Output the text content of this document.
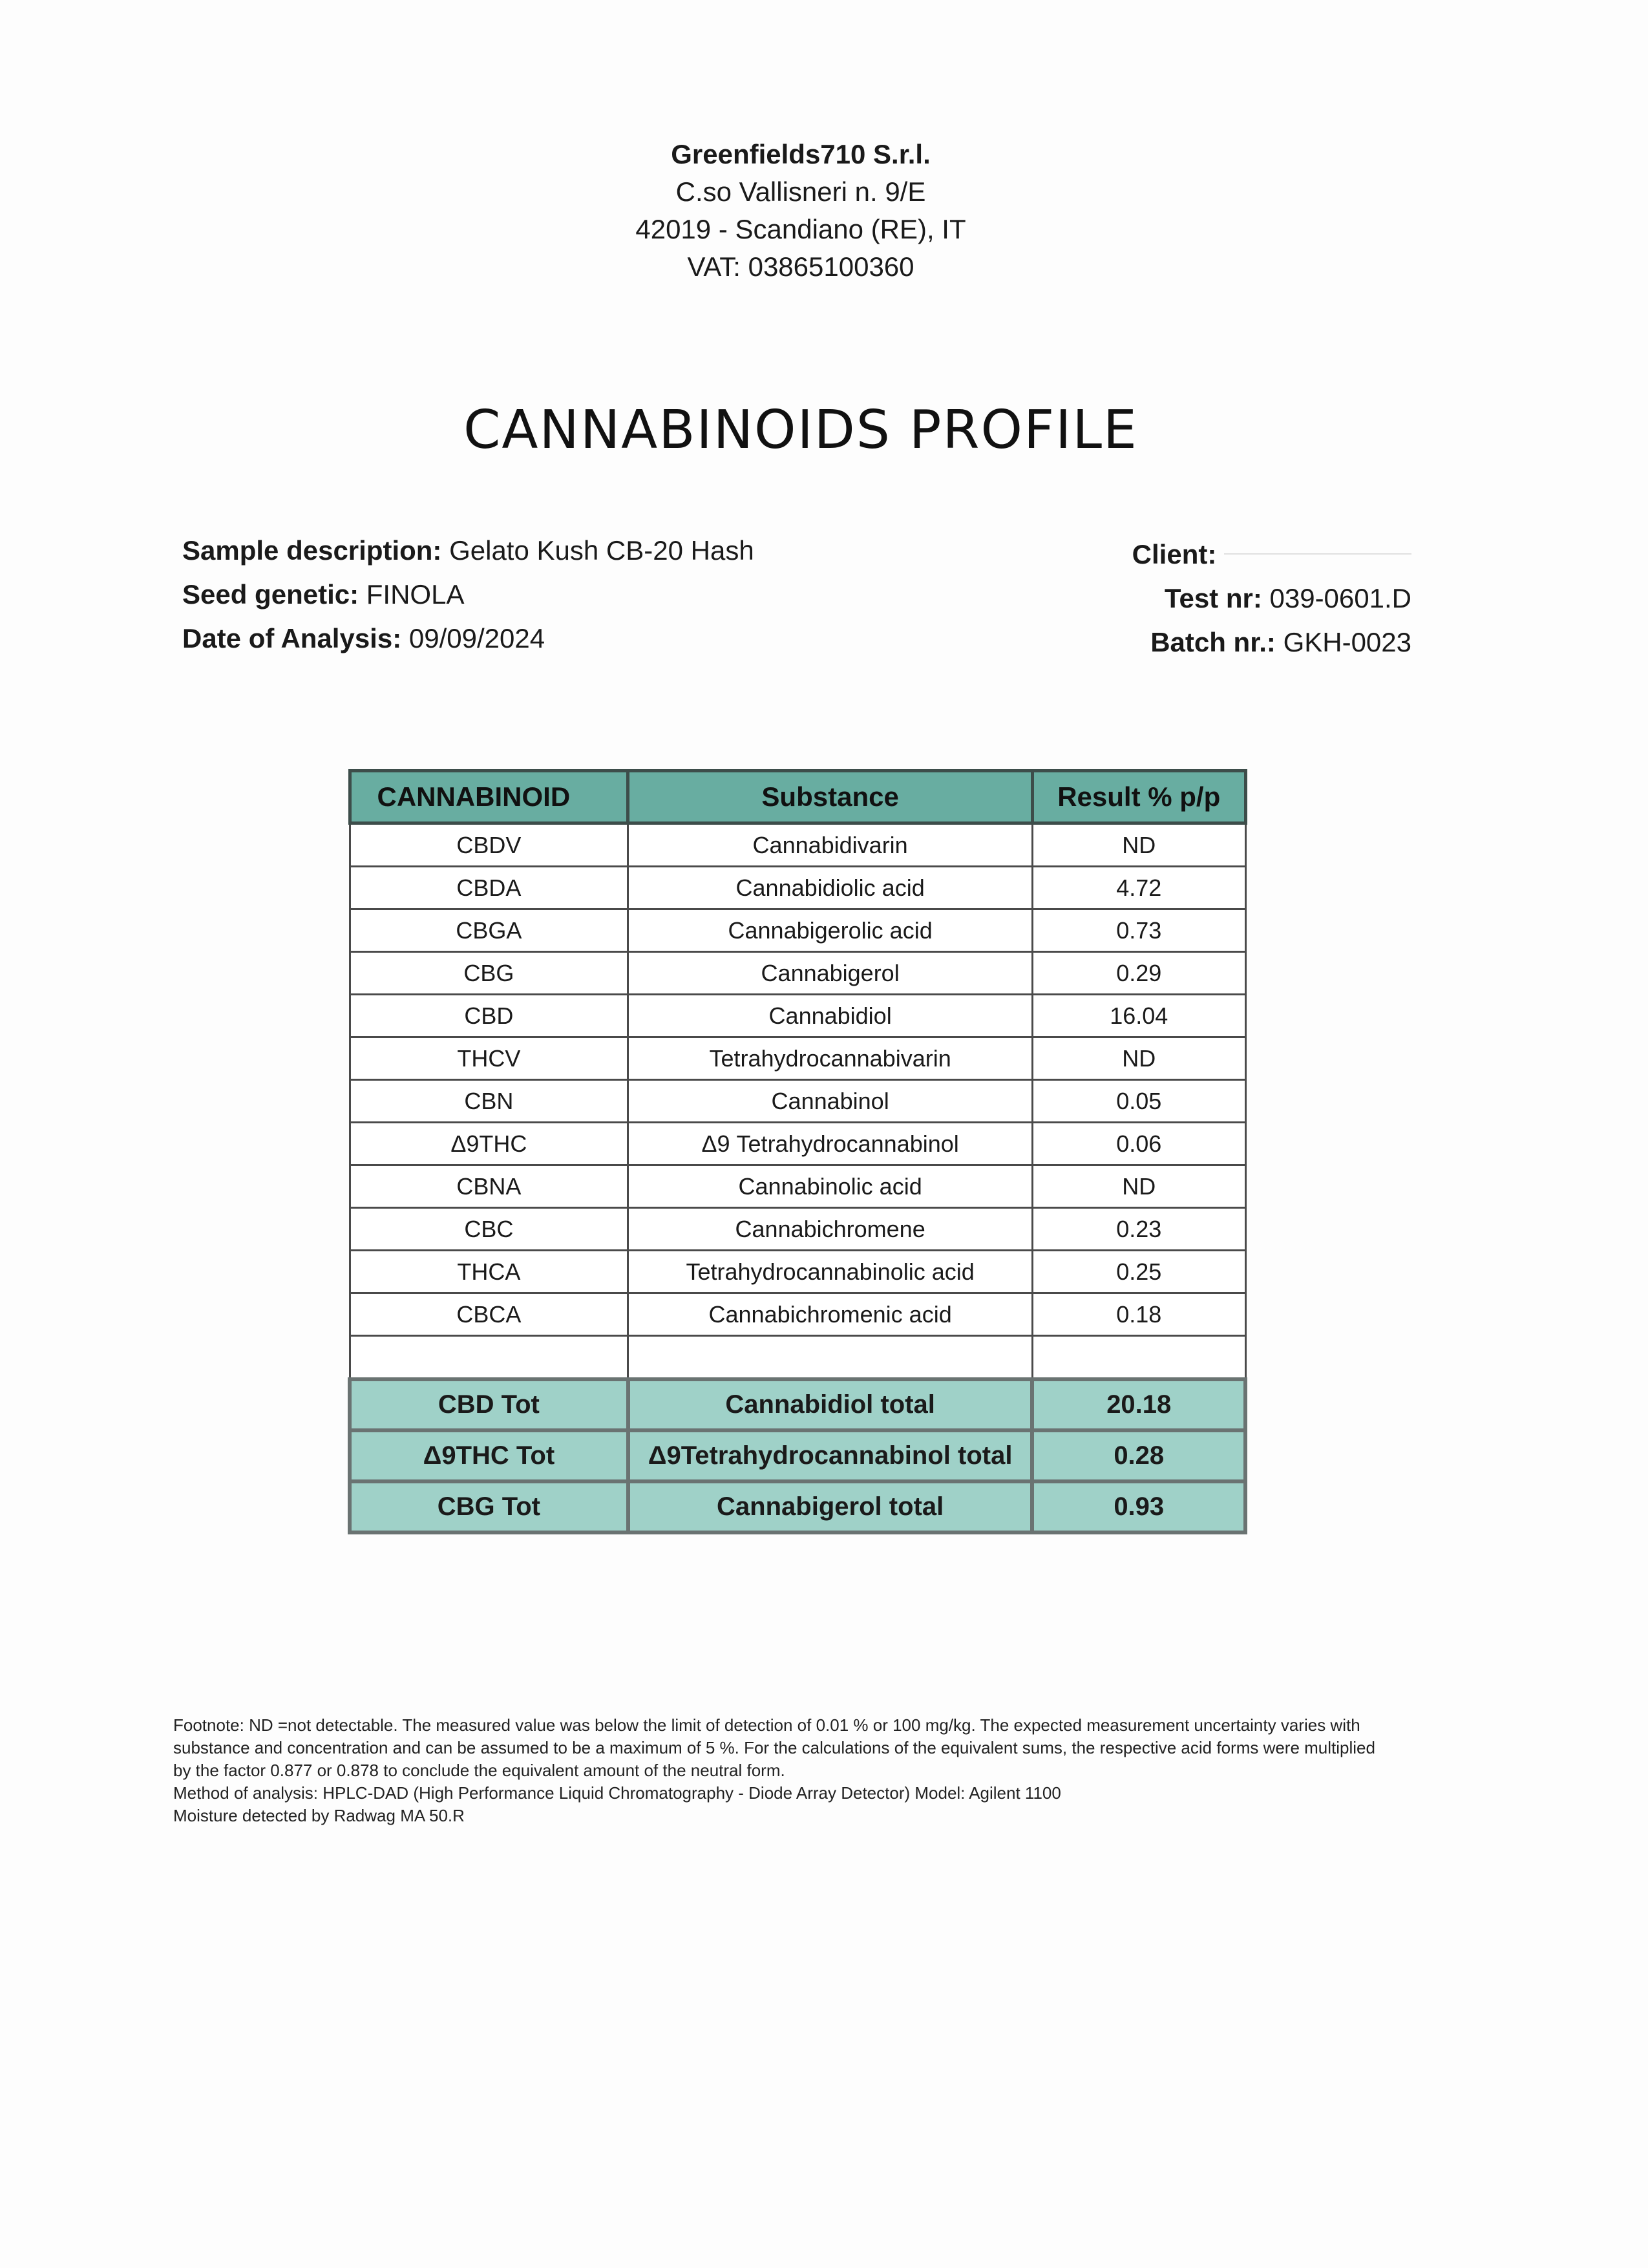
Greenfields710 S.r.l.
C.so Vallisneri n. 9/E
42019 - Scandiano (RE), IT
VAT: 03865100360
CANNABINOIDS PROFILE
Sample description: Gelato Kush CB-20 Hash
Seed genetic: FINOLA
Date of Analysis: 09/09/2024
Client:
Test nr: 039-0601.D
Batch nr.: GKH-0023
CANNABINOID	Substance	Result % p/p
CBDV	Cannabidivarin	ND
CBDA	Cannabidiolic acid	4.72
CBGA	Cannabigerolic acid	0.73
CBG	Cannabigerol	0.29
CBD	Cannabidiol	16.04
THCV	Tetrahydrocannabivarin	ND
CBN	Cannabinol	0.05
Δ9THC	Δ9 Tetrahydrocannabinol	0.06
CBNA	Cannabinolic acid	ND
CBC	Cannabichromene	0.23
THCA	Tetrahydrocannabinolic acid	0.25
CBCA	Cannabichromenic acid	0.18

CBD Tot	Cannabidiol total	20.18
Δ9THC Tot	Δ9Tetrahydrocannabinol total	0.28
CBG Tot	Cannabigerol total	0.93

Footnote: ND =not detectable. The measured value was below the limit of detection of 0.01 % or 100 mg/kg. The expected measurement uncertainty varies with substance and concentration and can be assumed to be a maximum of 5 %. For the calculations of the equivalent sums, the respective acid forms were multiplied by the factor 0.877 or 0.878 to conclude the equivalent amount of the neutral form.

Method of analysis: HPLC-DAD (High Performance Liquid Chromatography - Diode Array Detector) Model: Agilent 1100

Moisture detected by Radwag MA 50.R
